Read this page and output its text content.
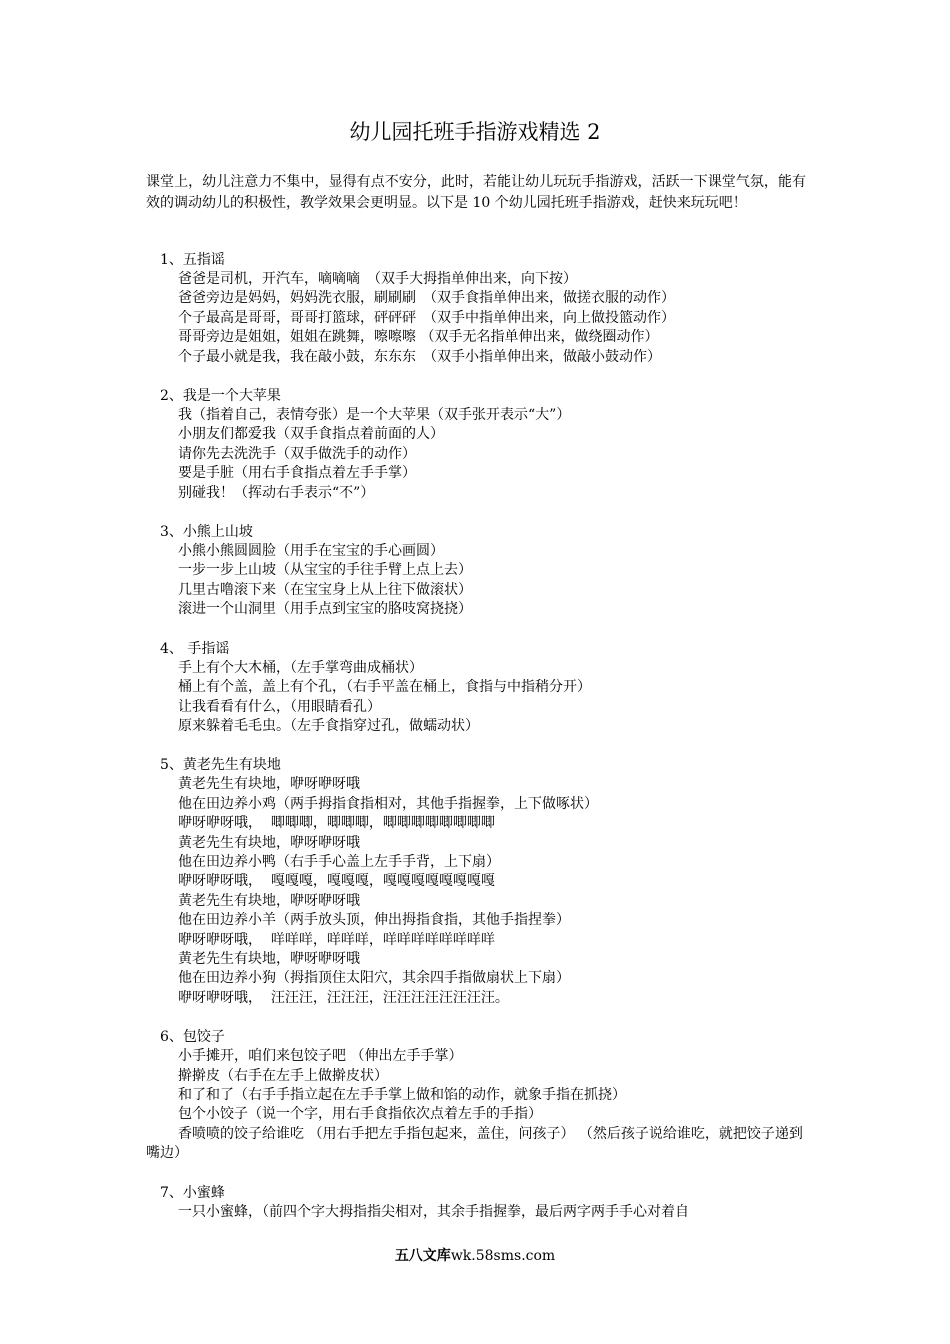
幼儿园托班手指游戏精选 2

课堂上，幼儿注意力不集中，显得有点不安分，此时，若能让幼儿玩玩手指游戏，活跃一下课堂气氛，能有效的调动幼儿的积极性，教学效果会更明显。以下是 10 个幼儿园托班手指游戏，赶快来玩玩吧！

1、五指谣
爸爸是司机，开汽车，嘀嘀嘀　（双手大拇指单伸出来，向下按）
爸爸旁边是妈妈，妈妈洗衣服，刷刷刷　（双手食指单伸出来，做搓衣服的动作）
个子最高是哥哥，哥哥打篮球，砰砰砰　（双手中指单伸出来，向上做投篮动作）
哥哥旁边是姐姐，姐姐在跳舞，嚓嚓嚓 （双手无名指单伸出来，做绕圈动作）
个子最小就是我，我在敲小鼓，东东东　（双手小指单伸出来，做敲小鼓动作）
2、我是一个大苹果
我（指着自己，表情夸张）是一个大苹果（双手张开表示“大”）
小朋友们都爱我（双手食指点着前面的人）
请你先去洗洗手（双手做洗手的动作）
要是手脏（用右手食指点着左手手掌）
别碰我！（挥动右手表示“不”）
3、小熊上山坡
小熊小熊圆圆脸（用手在宝宝的手心画圆）
一步一步上山坡（从宝宝的手往手臂上点上去）
几里古噜滚下来（在宝宝身上从上往下做滚状）
滚进一个山洞里（用手点到宝宝的胳吱窝挠挠）
4、 手指谣
手上有个大木桶，（左手掌弯曲成桶状）
桶上有个盖，盖上有个孔，（右手平盖在桶上，食指与中指稍分开）
让我看看有什么，（用眼睛看孔）
原来躲着毛毛虫。（左手食指穿过孔，做蠕动状）
5、黄老先生有块地
黄老先生有块地，咿呀咿呀哦
他在田边养小鸡（两手拇指食指相对，其他手指握拳，上下做啄状）
咿呀咿呀哦，  唧唧唧，唧唧唧，唧唧唧唧唧唧唧唧
黄老先生有块地，咿呀咿呀哦
他在田边养小鸭（右手手心盖上左手手背，上下扇）
咿呀咿呀哦，  嘎嘎嘎，嘎嘎嘎，嘎嘎嘎嘎嘎嘎嘎嘎
黄老先生有块地，咿呀咿呀哦
他在田边养小羊（两手放头顶，伸出拇指食指，其他手指捏拳）
咿呀咿呀哦，  咩咩咩，咩咩咩，咩咩咩咩咩咩咩咩
黄老先生有块地，咿呀咿呀哦
他在田边养小狗（拇指顶住太阳穴，其余四手指做扇状上下扇）
咿呀咿呀哦，  汪汪汪，汪汪汪，汪汪汪汪汪汪汪汪。
6、包饺子
小手摊开，咱们来包饺子吧 （伸出左手手掌）
擀擀皮（右手在左手上做擀皮状）
和了和了（右手手指立起在左手手掌上做和馅的动作，就象手指在抓挠）
包个小饺子（说一个字，用右手食指依次点着左手的手指）
香喷喷的饺子给谁吃 （用右手把左手指包起来，盖住，问孩子） （然后孩子说给谁吃，就把饺子递到嘴边）
7、小蜜蜂
一只小蜜蜂，（前四个字大拇指指尖相对，其余手指握拳，最后两字两手手心对着自
五八文库wk.58sms.com
